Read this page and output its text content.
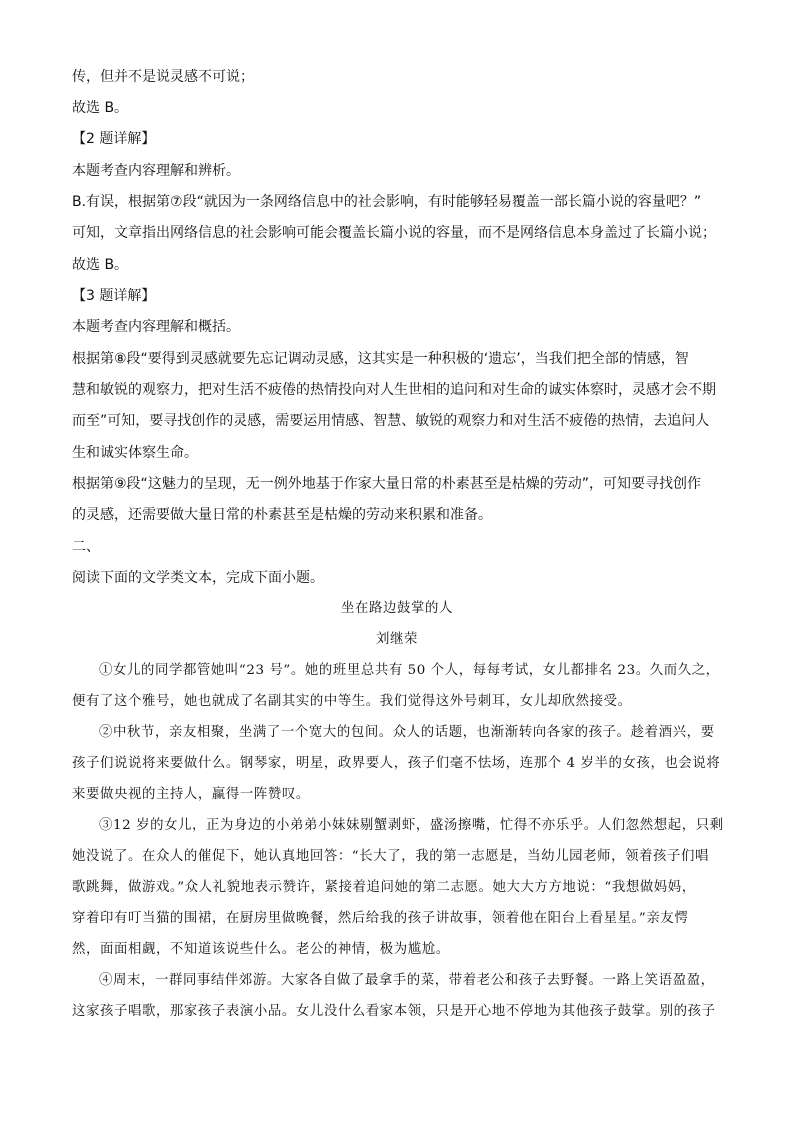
传，但并不是说灵感不可说；
故选 B。
【2 题详解】
本题考查内容理解和辨析。
B.有误，根据第⑦段“就因为一条网络信息中的社会影响，有时能够轻易覆盖一部长篇小说的容量吧？”
可知，文章指出网络信息的社会影响可能会覆盖长篇小说的容量，而不是网络信息本身盖过了长篇小说；
故选 B。
【3 题详解】
本题考查内容理解和概括。
根据第⑧段“要得到灵感就要先忘记调动灵感，这其实是一种积极的‘遗忘’，当我们把全部的情感，智
慧和敏锐的观察力，把对生活不疲倦的热情投向对人生世相的追问和对生命的诚实体察时，灵感才会不期
而至”可知，要寻找创作的灵感，需要运用情感、智慧、敏锐的观察力和对生活不疲倦的热情，去追问人
生和诚实体察生命。
根据第⑨段“这魅力的呈现，无一例外地基于作家大量日常的朴素甚至是枯燥的劳动”，可知要寻找创作
的灵感，还需要做大量日常的朴素甚至是枯燥的劳动来积累和准备。
二、
阅读下面的文学类文本，完成下面小题。
坐在路边鼓掌的人
刘继荣
①女儿的同学都管她叫“23 号”。她的班里总共有 50 个人，每每考试，女儿都排名 23。久而久之，
便有了这个雅号，她也就成了名副其实的中等生。我们觉得这外号刺耳，女儿却欣然接受。
②中秋节，亲友相聚，坐满了一个宽大的包间。众人的话题，也渐渐转向各家的孩子。趁着酒兴，要
孩子们说说将来要做什么。钢琴家，明星，政界要人，孩子们毫不怯场，连那个 4 岁半的女孩，也会说将
来要做央视的主持人，赢得一阵赞叹。
③12 岁的女儿，正为身边的小弟弟小妹妹剔蟹剥虾，盛汤擦嘴，忙得不亦乐乎。人们忽然想起，只剩
她没说了。在众人的催促下，她认真地回答：“长大了，我的第一志愿是，当幼儿园老师，领着孩子们唱
歌跳舞，做游戏。”众人礼貌地表示赞许，紧接着追问她的第二志愿。她大大方方地说：“我想做妈妈，
穿着印有叮当猫的围裙，在厨房里做晚餐，然后给我的孩子讲故事，领着他在阳台上看星星。”亲友愕
然，面面相觑，不知道该说些什么。老公的神情，极为尴尬。
④周末，一群同事结伴郊游。大家各自做了最拿手的菜，带着老公和孩子去野餐。一路上笑语盈盈，
这家孩子唱歌，那家孩子表演小品。女儿没什么看家本领，只是开心地不停地为其他孩子鼓掌。别的孩子
